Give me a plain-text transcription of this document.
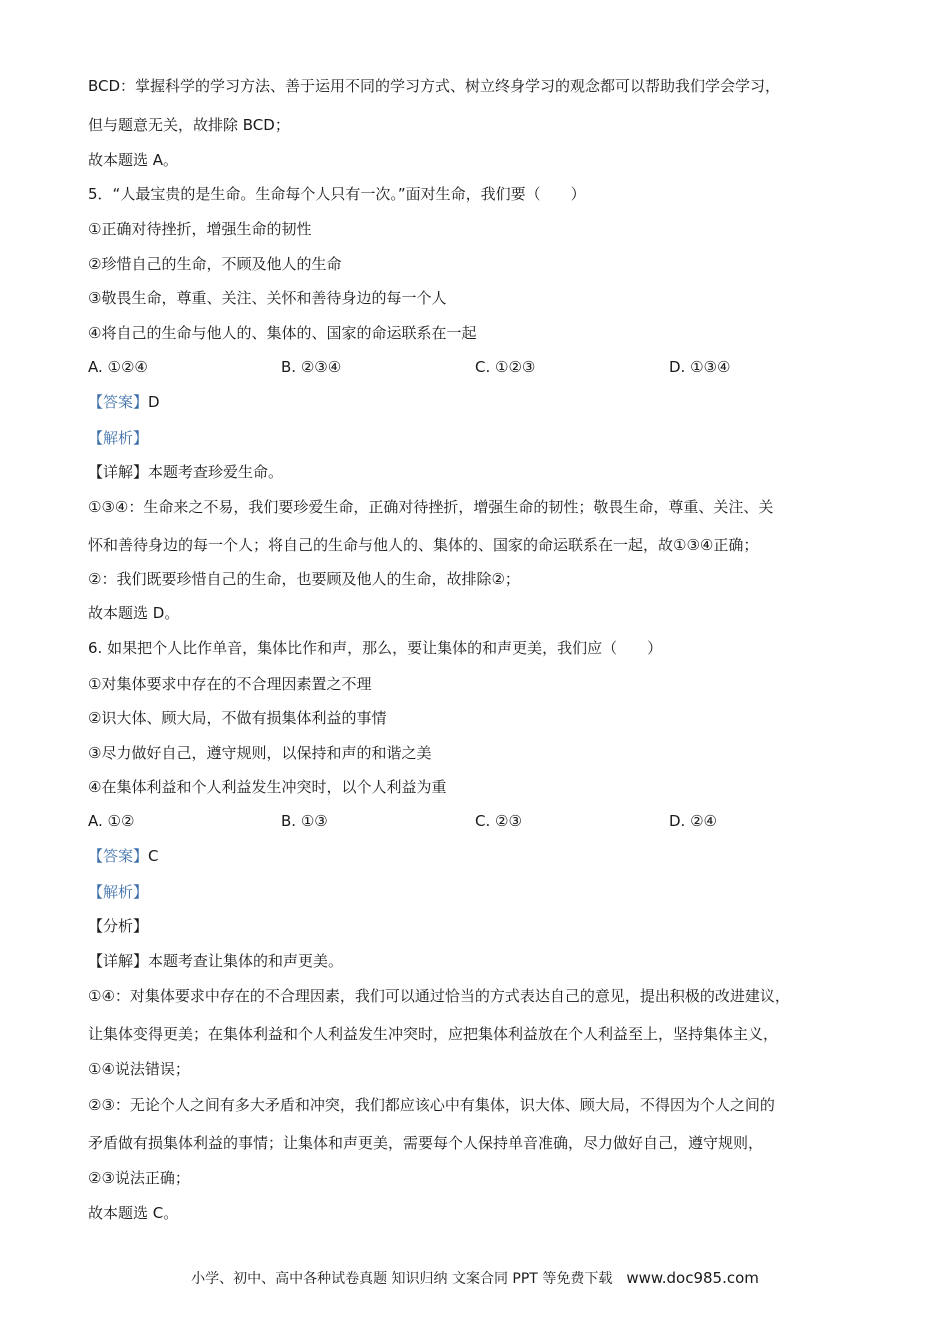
BCD：掌握科学的学习方法、善于运用不同的学习方式、树立终身学习的观念都可以帮助我们学会学习，
但与题意无关，故排除 BCD；
故本题选 A。
5．“人最宝贵的是生命。生命每个人只有一次。”面对生命，我们要（　　）
①正确对待挫折，增强生命的韧性
②珍惜自己的生命，不顾及他人的生命
③敬畏生命，尊重、关注、关怀和善待身边的每一个人
④将自己的生命与他人的、集体的、国家的命运联系在一起
A. ①②④	B. ②③④	C. ①②③	D. ①③④
【答案】D
【解析】
【详解】本题考查珍爱生命。
①③④：生命来之不易，我们要珍爱生命，正确对待挫折，增强生命的韧性；敬畏生命，尊重、关注、关
怀和善待身边的每一个人；将自己的生命与他人的、集体的、国家的命运联系在一起，故①③④正确；
②：我们既要珍惜自己的生命，也要顾及他人的生命，故排除②；
故本题选 D。
6. 如果把个人比作单音，集体比作和声，那么，要让集体的和声更美，我们应（　　）
①对集体要求中存在的不合理因素置之不理
②识大体、顾大局，不做有损集体利益的事情
③尽力做好自己，遵守规则，以保持和声的和谐之美
④在集体利益和个人利益发生冲突时，以个人利益为重
A. ①②	B. ①③	C. ②③	D. ②④
【答案】C
【解析】
【分析】
【详解】本题考查让集体的和声更美。
①④：对集体要求中存在的不合理因素，我们可以通过恰当的方式表达自己的意见，提出积极的改进建议，
让集体变得更美；在集体利益和个人利益发生冲突时，应把集体利益放在个人利益至上，坚持集体主义，
①④说法错误；
②③：无论个人之间有多大矛盾和冲突，我们都应该心中有集体，识大体、顾大局，不得因为个人之间的
矛盾做有损集体利益的事情；让集体和声更美，需要每个人保持单音准确，尽力做好自己，遵守规则，
②③说法正确；
故本题选 C。
小学、初中、高中各种试卷真题 知识归纳 文案合同 PPT 等免费下载 www.doc985.com
